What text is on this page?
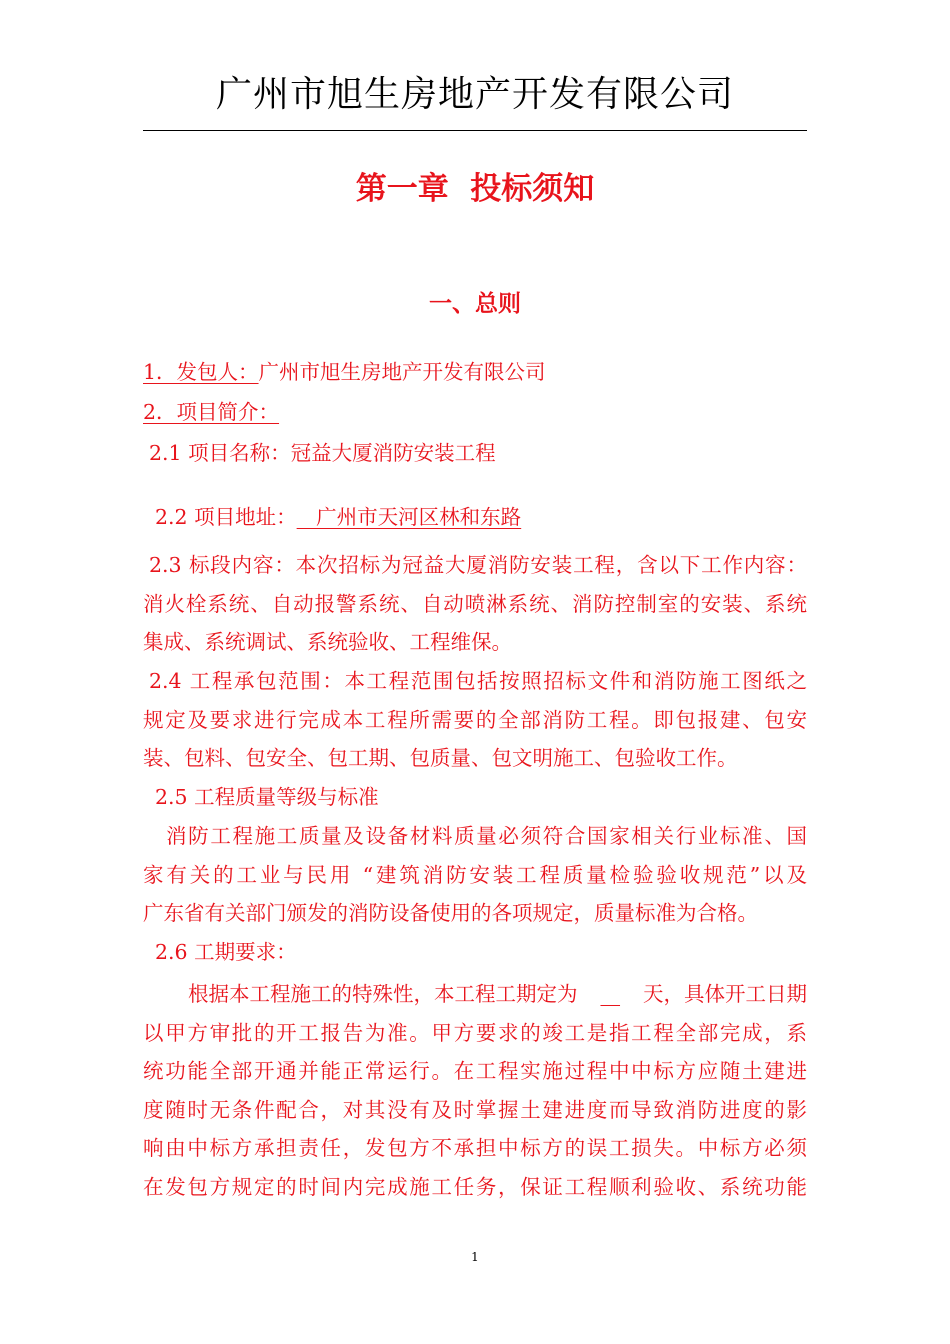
广州市旭生房地产开发有限公司
第一章  投标须知
一、总则
1．发包人：广州市旭生房地产开发有限公司
2．项目简介：
2.1 项目名称：冠益大厦消防安装工程
2.2 项目地址：   广州市天河区林和东路
2.3 标段内容：本次招标为冠益大厦消防安装工程，含以下工作内容：
消火栓系统、自动报警系统、自动喷淋系统、消防控制室的安装、系统
集成、系统调试、系统验收、工程维保。
2.4 工程承包范围：本工程范围包括按照招标文件和消防施工图纸之
规定及要求进行完成本工程所需要的全部消防工程。即包报建、包安
装、包料、包安全、包工期、包质量、包文明施工、包验收工作。
2.5 工程质量等级与标准
消防工程施工质量及设备材料质量必须符合国家相关行业标准、国
家有关的工业与民用 “建筑消防安装工程质量检验验收规范”以及
广东省有关部门颁发的消防设备使用的各项规定，质量标准为合格。
2.6 工期要求：
根据本工程施工的特殊性，本工程工期定为
	天，具体开工日期
以甲方审批的开工报告为准。甲方要求的竣工是指工程全部完成，系
统功能全部开通并能正常运行。在工程实施过程中中标方应随土建进
度随时无条件配合，对其没有及时掌握土建进度而导致消防进度的影
响由中标方承担责任，发包方不承担中标方的误工损失。中标方必须
在发包方规定的时间内完成施工任务，保证工程顺利验收、系统功能
1
